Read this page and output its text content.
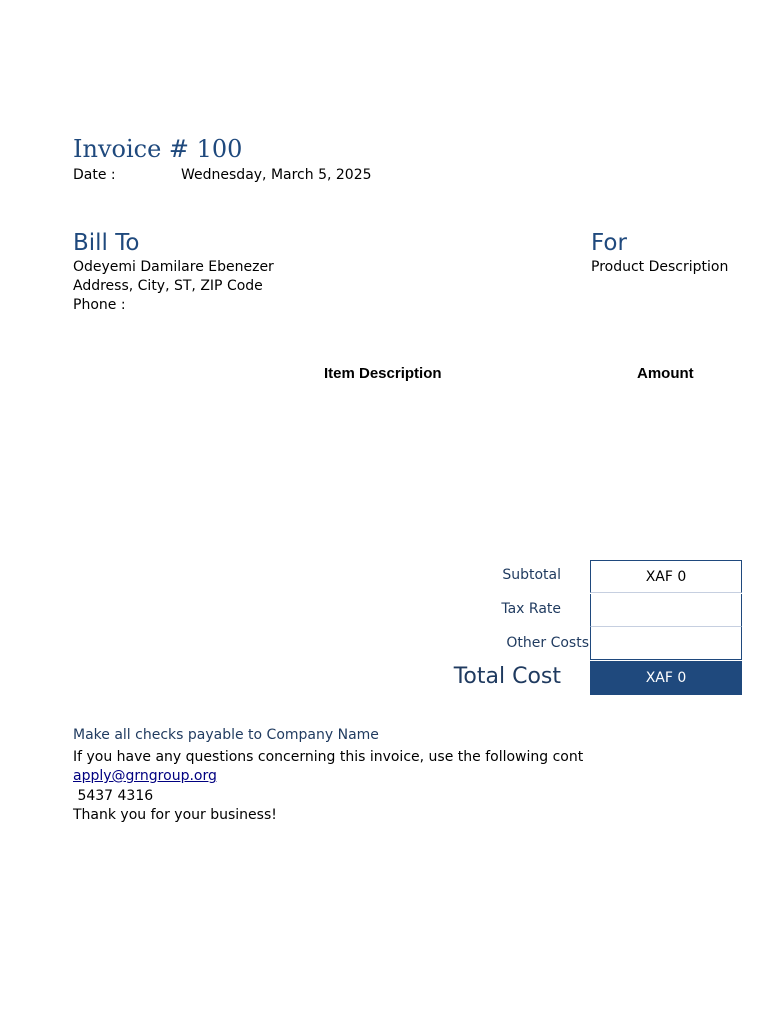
Invoice # 100
Date :	Wednesday, March 5, 2025
Bill To
Odeyemi Damilare Ebenezer
Address, City, ST, ZIP Code
Phone :
For
Product Description
Item Description	Amount
Subtotal	XAF 0
Tax Rate
Other Costs
Total Cost	XAF 0
Make all checks payable to Company Name
If you have any questions concerning this invoice, use the following cont
apply@grngroup.org
5437 4316
Thank you for your business!
